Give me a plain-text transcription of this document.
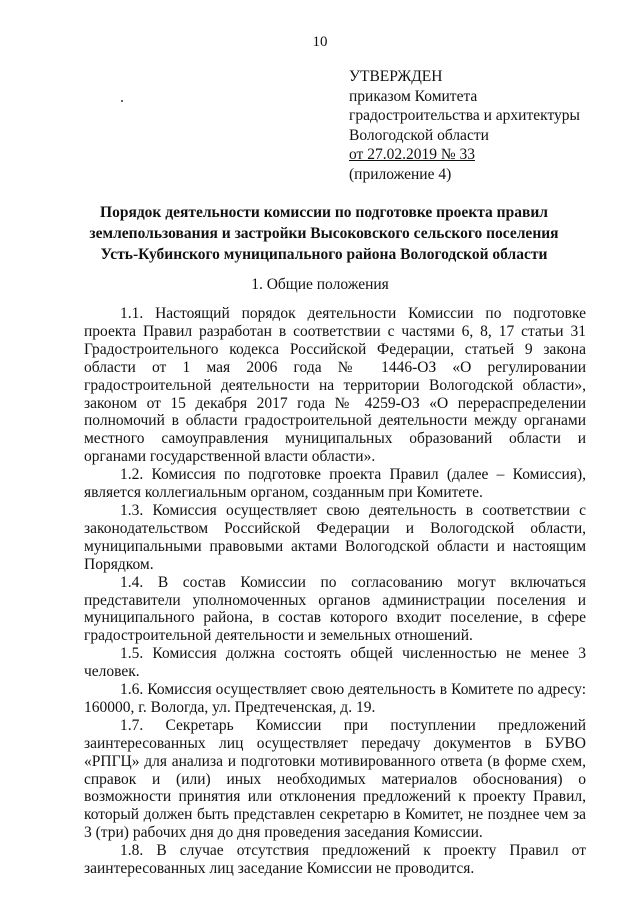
10
УТВЕРЖДЕН
приказом Комитета
градостроительства и архитектуры
Вологодской области
от 27.02.2019 № 33
(приложение 4)
Порядок деятельности комиссии по подготовке проекта правил
землепользования и застройки Высоковского сельского поселения
Усть-Кубинского муниципального района Вологодской области
1. Общие положения

1.1. Настоящий порядок деятельности Комиссии по подготовке проекта Правил разработан в соответствии с частями 6, 8, 17 статьи 31 Градостроительного кодекса Российской Федерации, статьей 9 закона области от 1 мая 2006 года № 1446-ОЗ «О регулировании градостроительной деятельности на территории Вологодской области», законом от 15 декабря 2017 года № 4259-ОЗ «О перераспределении полномочий в области градостроительной деятельности между органами местного самоуправления муниципальных образований области и органами государственной власти области».

1.2. Комиссия по подготовке проекта Правил (далее – Комиссия), является коллегиальным органом, созданным при Комитете.

1.3. Комиссия осуществляет свою деятельность в соответствии с законодательством Российской Федерации и Вологодской области, муниципальными правовыми актами Вологодской области и настоящим Порядком.

1.4. В состав Комиссии по согласованию могут включаться представители уполномоченных органов администрации поселения и муниципального района, в состав которого входит поселение, в сфере градостроительной деятельности и земельных отношений.

1.5. Комиссия должна состоять общей численностью не менее 3 человек.

1.6. Комиссия осуществляет свою деятельность в Комитете по адресу: 160000, г. Вологда, ул. Предтеченская, д. 19.

1.7. Секретарь Комиссии при поступлении предложений заинтересованных лиц осуществляет передачу документов в БУВО «РПГЦ» для анализа и подготовки мотивированного ответа (в форме схем, справок и (или) иных необходимых материалов обоснования) о возможности принятия или отклонения предложений к проекту Правил, который должен быть представлен секретарю в Комитет, не позднее чем за 3 (три) рабочих дня до дня проведения заседания Комиссии.

1.8. В случае отсутствия предложений к проекту Правил от заинтересованных лиц заседание Комиссии не проводится.
